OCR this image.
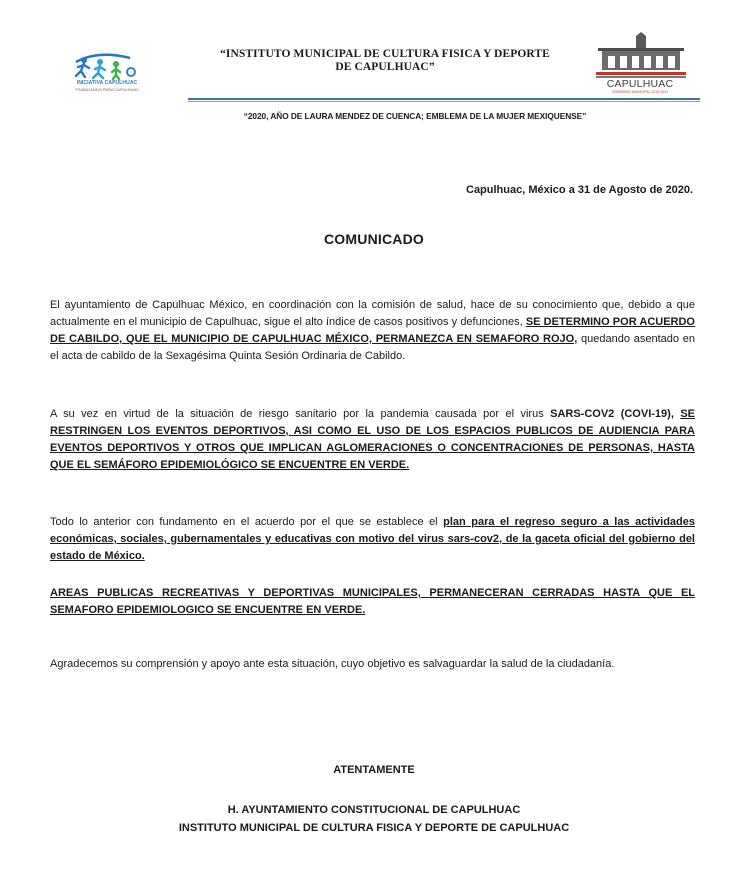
INICIATIVA CAPULHUAC
TRABAJANDO PARA CAPULHUAC
“INSTITUTO MUNICIPAL DE CULTURA FISICA Y DEPORTE
DE CAPULHUAC”
CAPULHUAC
GOBIERNO MUNICIPAL 2019-2021
“2020, AÑO DE LAURA MENDEZ DE CUENCA; EMBLEMA DE LA MUJER MEXIQUENSE”
Capulhuac, México a 31 de Agosto de 2020.
COMUNICADO
El ayuntamiento de Capulhuac México, en coordinación con la comisión de salud, hace de su conocimiento que, debido a que actualmente en el municipio de Capulhuac, sigue el alto índice de casos positivos y defunciones, SE DETERMINO POR ACUERDO DE CABILDO, QUE EL MUNICIPIO DE CAPULHUAC MÉXICO, PERMANEZCA EN SEMAFORO ROJO, quedando asentado en el acta de cabildo de la Sexagésima Quinta Sesión Ordinaria de Cabildo.
A su vez en virtud de la situación de riesgo sanitario por la pandemia causada por el virus SARS-COV2 (COVI-19), SE RESTRINGEN LOS EVENTOS DEPORTIVOS, ASI COMO EL USO DE LOS ESPACIOS PUBLICOS DE AUDIENCIA PARA EVENTOS DEPORTIVOS Y OTROS QUE IMPLICAN AGLOMERACIONES O CONCENTRACIONES DE PERSONAS, HASTA QUE EL SEMÁFORO EPIDEMIOLÓGICO SE ENCUENTRE EN VERDE.
Todo lo anterior con fundamento en el acuerdo por el que se establece el plan para el regreso seguro a las actividades económicas, sociales, gubernamentales y educativas con motivo del virus sars-cov2, de la gaceta oficial del gobierno del estado de México.
AREAS PUBLICAS RECREATIVAS Y DEPORTIVAS MUNICIPALES, PERMANECERAN CERRADAS HASTA QUE EL SEMAFORO EPIDEMIOLOGICO SE ENCUENTRE EN VERDE.
Agradecemos su comprensión y apoyo ante esta situación, cuyo objetivo es salvaguardar la salud de la ciudadanía.
ATENTAMENTE
H. AYUNTAMIENTO CONSTITUCIONAL DE CAPULHUAC
INSTITUTO MUNICIPAL DE CULTURA FISICA Y DEPORTE DE CAPULHUAC
